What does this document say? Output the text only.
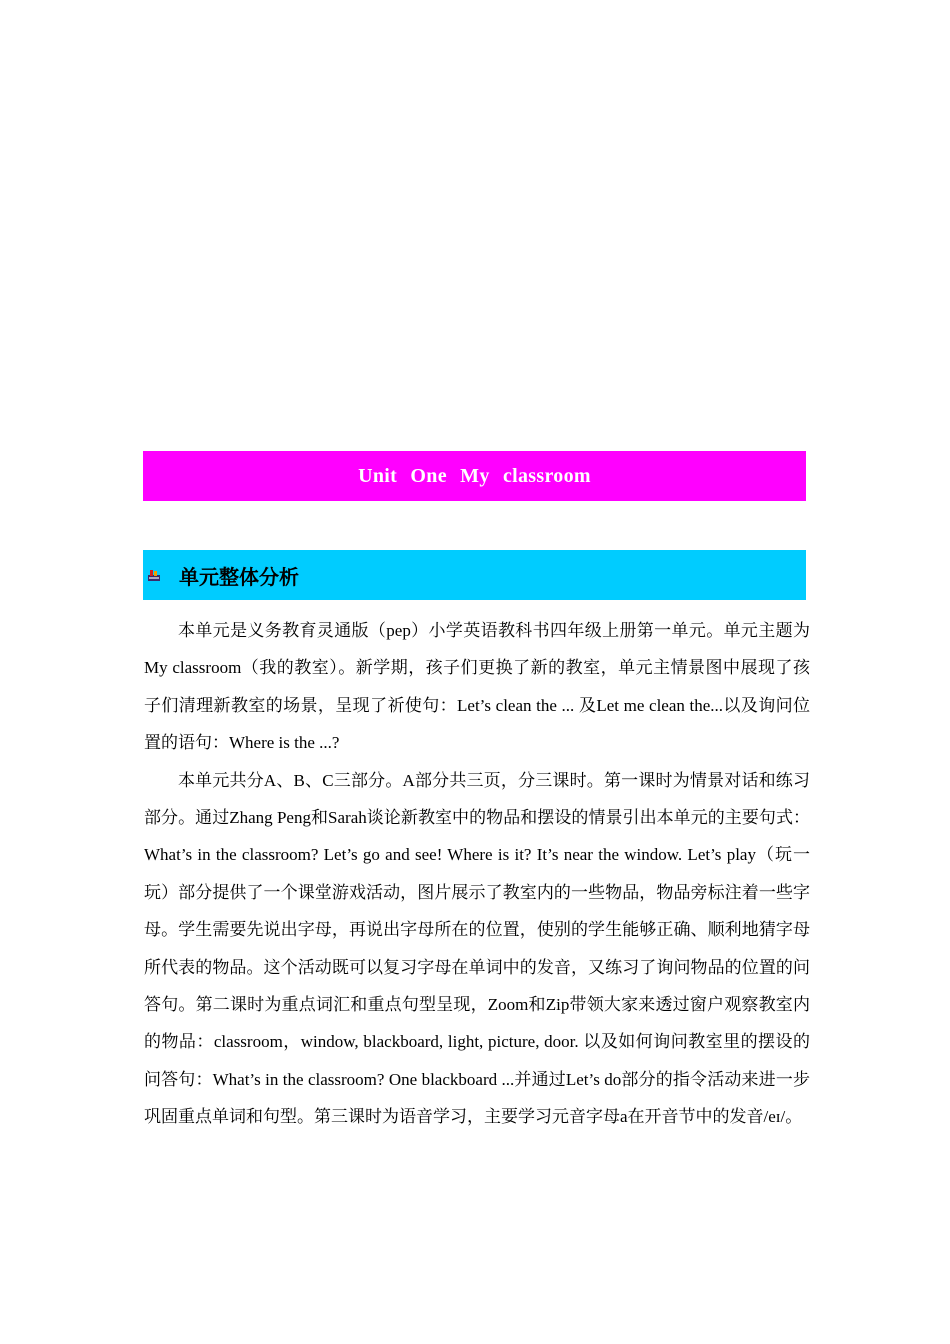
Unit One My classroom
单元整体分析

本单元是义务教育灵通版（pep）小学英语教科书四年级上册第一单元。单元主题为My classroom（我的教室）。新学期，孩子们更换了新的教室，单元主情景图中展现了孩子们清理新教室的场景，呈现了祈使句：Let’s clean the ... 及Let me clean the...以及询问位置的语句：Where is the ...?

本单元共分A、B、C三部分。A部分共三页，分三课时。第一课时为情景对话和练习部分。通过Zhang Peng和Sarah谈论新教室中的物品和摆设的情景引出本单元的主要句式：What’s in the classroom? Let’s go and see! Where is it? It’s near the window. Let’s play（玩一玩）部分提供了一个课堂游戏活动，图片展示了教室内的一些物品，物品旁标注着一些字母。学生需要先说出字母，再说出字母所在的位置，使别的学生能够正确、顺利地猜字母所代表的物品。这个活动既可以复习字母在单词中的发音，又练习了询问物品的位置的问答句。第二课时为重点词汇和重点句型呈现，Zoom和Zip带领大家来透过窗户观察教室内的物品：classroom，window, blackboard, light, picture, door. 以及如何询问教室里的摆设的问答句：What’s in the classroom? One blackboard ...并通过Let’s do部分的指令活动来进一步巩固重点单词和句型。第三课时为语音学习，主要学习元音字母a在开音节中的发音/eɪ/。
